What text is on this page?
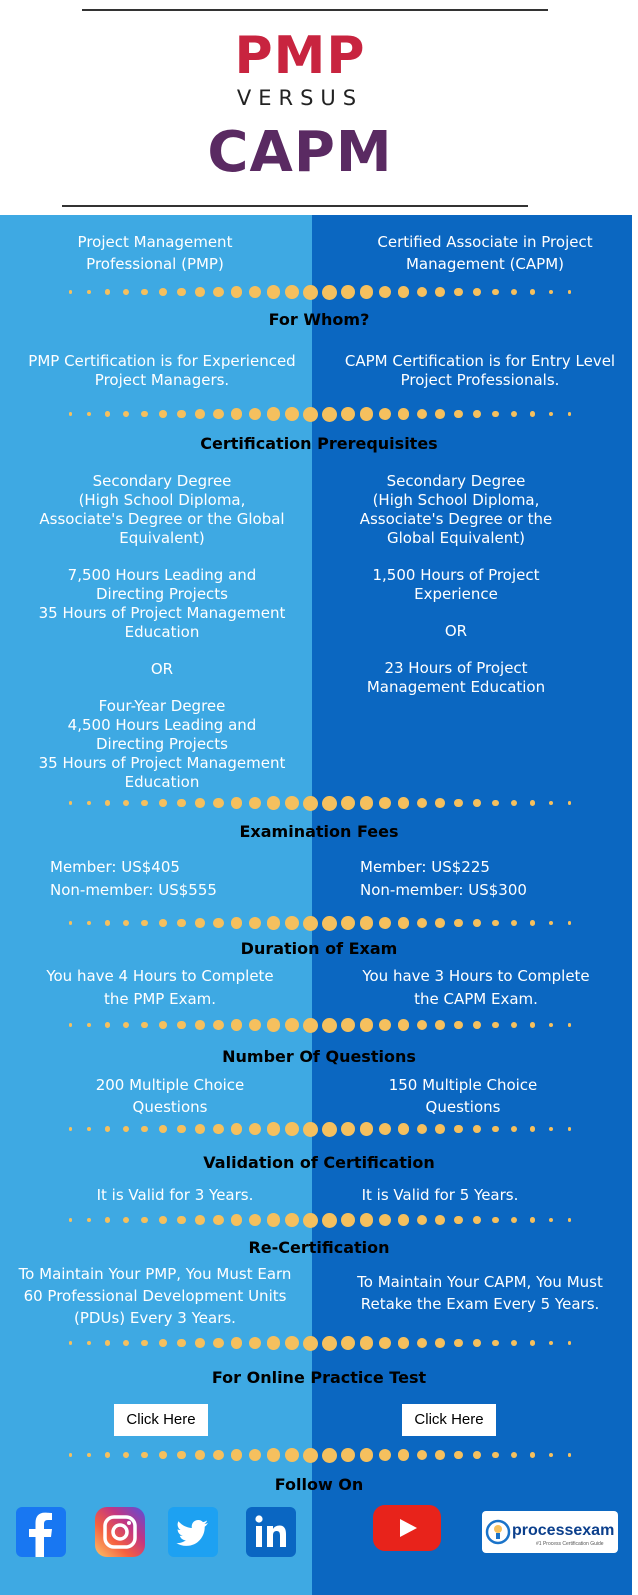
PMP
VERSUS
CAPM
Project Management Professional (PMP)
Certified Associate in Project Management (CAPM)
For Whom?
PMP Certification is for Experienced Project Managers.
CAPM Certification is for Entry Level Project Professionals.
Certification Prerequisites
Secondary Degree
(High School Diploma,
Associate's Degree or the Global
Equivalent)
7,500 Hours Leading and
Directing Projects
35 Hours of Project Management
Education
OR
Four-Year Degree
4,500 Hours Leading and
Directing Projects
35 Hours of Project Management
Education
Secondary Degree
(High School Diploma,
Associate's Degree or the
Global Equivalent)
1,500 Hours of Project
Experience
OR
23 Hours of Project
Management Education
Examination Fees
Member: US$405
Non-member: US$555
Member: US$225
Non-member: US$300
Duration of Exam
You have 4 Hours to Complete the PMP Exam.
You have 3 Hours to Complete the CAPM Exam.
Number Of Questions
200 Multiple Choice Questions
150 Multiple Choice Questions
Validation of Certification
It is Valid for 3 Years.	It is Valid for 5 Years.
Re-Certification
To Maintain Your PMP, You Must Earn 60 Professional Development Units (PDUs) Every 3 Years.
To Maintain Your CAPM, You Must Retake the Exam Every 5 Years.
For Online Practice Test
Click Here	Click Here
Follow On
processexam
#1 Process Certification Guide
